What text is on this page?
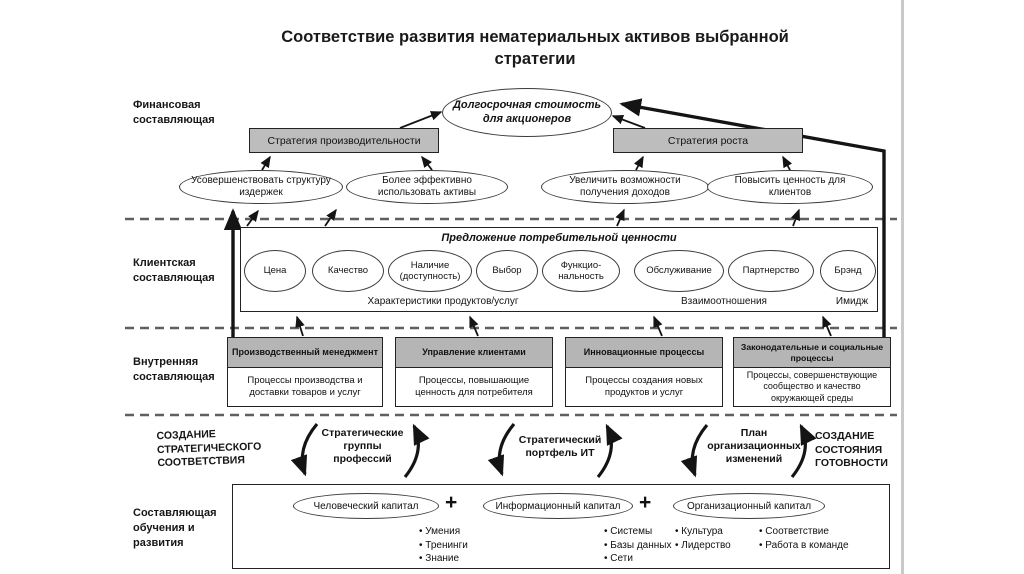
Соответствие развития нематериальных активов выбранной стратегии
Финансовая составляющая
Клиентская составляющая
Внутренняя составляющая
СОЗДАНИЕ СТРАТЕГИЧЕСКОГО СООТВЕТСТВИЯ
Составляющая обучения и развития
Долгосрочная стоимость для акционеров
Стратегия производительности	Стратегия роста
Усовершенствовать структуру издержек
Более эффективно использовать активы
Увеличить возможности получения доходов
Повысить ценность для клиентов
Предложение потребительной ценности
Цена	Качество
Наличие (доступность)
Выбор
Функцио- нальность
Обслуживание	Партнерство	Брэнд
Характеристики продуктов/услуг	Взаимоотношения	Имидж
Производственный менеджмент
Процессы производства и доставки товаров и услуг
Управление клиентами
Процессы, повышающие ценность для потребителя
Инновационные процессы
Процессы создания новых продуктов и услуг
Законодательные и социальные процессы
Процессы, совершенствующие сообщество и качество окружающей среды
Стратегические группы профессий
Стратегический портфель ИТ
План организационных изменений
СОЗДАНИЕ СОСТОЯНИЯ ГОТОВНОСТИ
Человеческий капитал	+	Информационный капитал +	Организационный капитал
• Умения
• Тренинги
• Знание
• Системы
• Базы данных
• Сети
• Культура
• Лидерство
• Соответствие
• Работа в команде
